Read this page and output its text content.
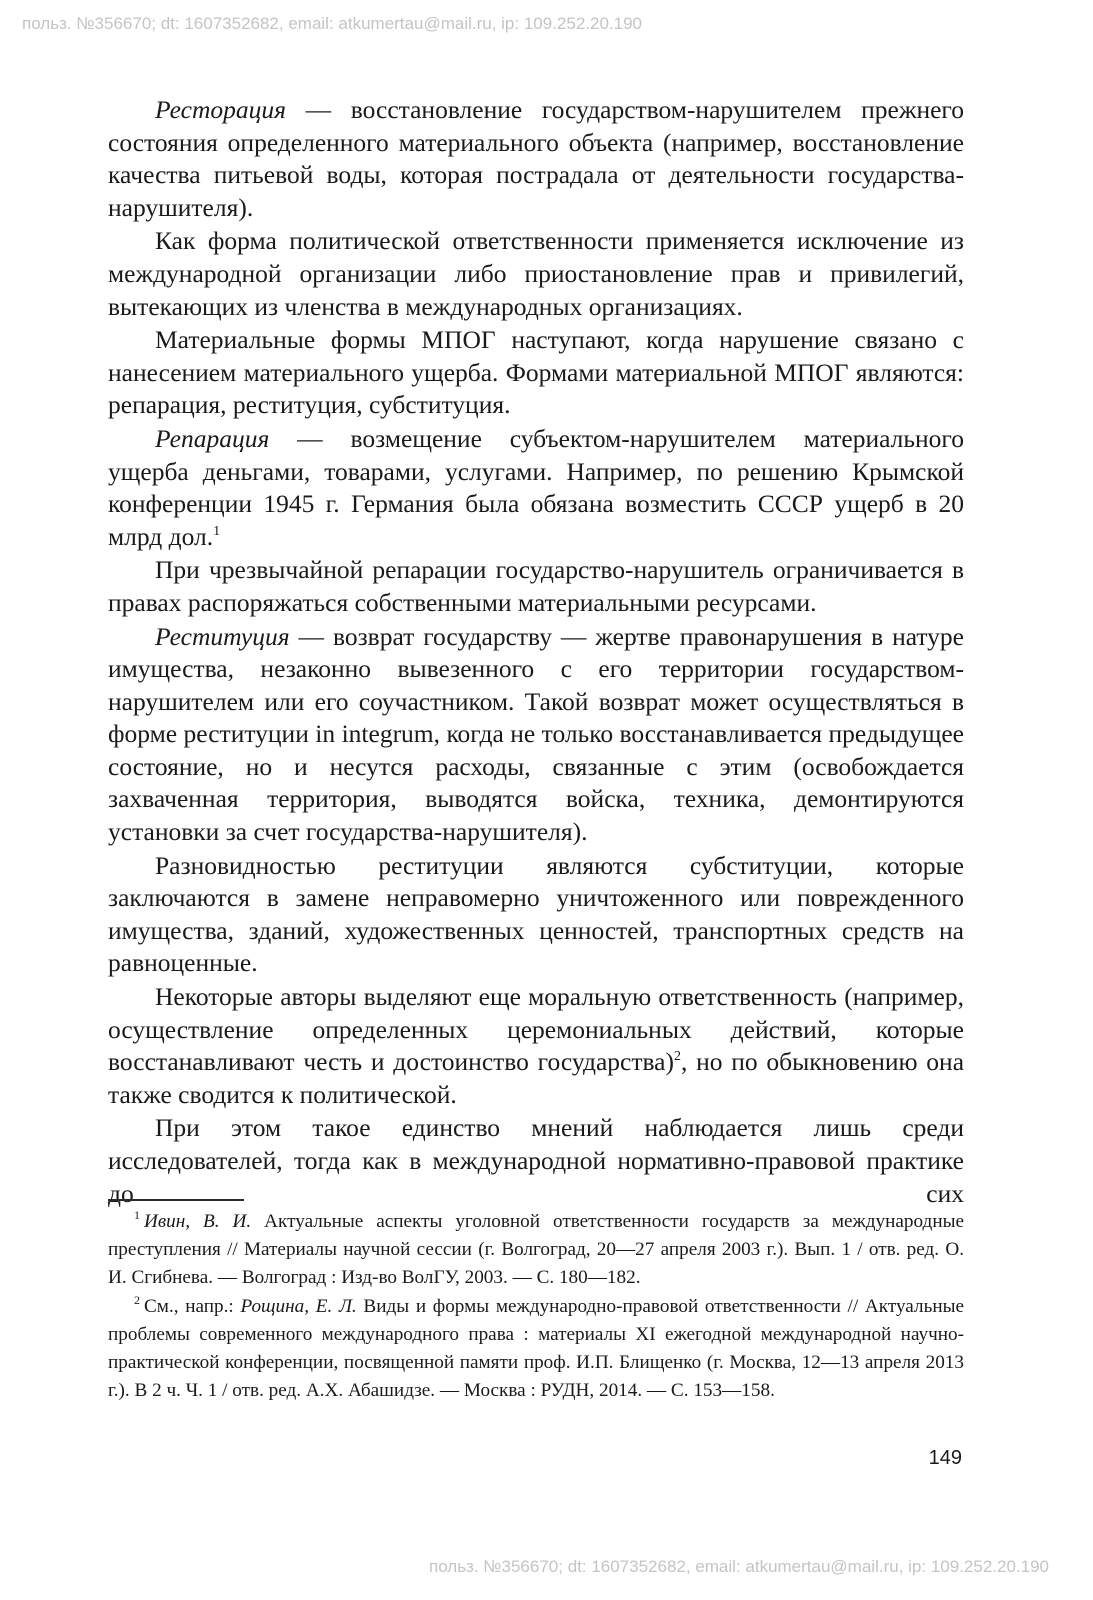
польз. №356670; dt: 1607352682, email: atkumertau@mail.ru, ip: 109.252.20.190

Ресторация — восстановление государством-нарушителем прежнего состояния определенного материального объекта (например, восстановление качества питьевой воды, которая пострадала от деятельности государства-нарушителя).

Как форма политической ответственности применяется исключение из международной организации либо приостановление прав и привилегий, вытекающих из членства в международных организациях.

Материальные формы МПОГ наступают, когда нарушение связано с нанесением материального ущерба. Формами материальной МПОГ являются: репарация, реституция, субституция.

Репарация — возмещение субъектом-нарушителем материального ущерба деньгами, товарами, услугами. Например, по решению Крымской конференции 1945 г. Германия была обязана возместить СССР ущерб в 20 млрд дол.$^1$

При чрезвычайной репарации государство-нарушитель ограничивается в правах распоряжаться собственными материальными ресурсами.

Реституция — возврат государству — жертве правонарушения в натуре имущества, незаконно вывезенного с его территории государством-нарушителем или его соучастником. Такой возврат может осуществляться в форме реституции in integrum, когда не только восстанавливается предыдущее состояние, но и несутся расходы, связанные с этим (освобождается захваченная территория, выводятся войска, техника, демонтируются установки за счет государства-нарушителя).

Разновидностью реституции являются субституции, которые заключаются в замене неправомерно уничтоженного или поврежденного имущества, зданий, художественных ценностей, транспортных средств на равноценные.

Некоторые авторы выделяют еще моральную ответственность (например, осуществление определенных церемониальных действий, которые восстанавливают честь и достоинство государства)$^2$, но по обыкновению она также сводится к политической.

При этом такое единство мнений наблюдается лишь среди исследователей, тогда как в международной нормативно-правовой практике до сих

$^1$ Ивин, В. И. Актуальные аспекты уголовной ответственности государств за международные преступления // Материалы научной сессии (г. Волгоград, 20—27 апреля 2003 г.). Вып. 1 / отв. ред. О. И. Сгибнева. — Волгоград : Изд-во ВолГУ, 2003. — С. 180—182.

$^2$ См., напр.: Рощина, Е. Л. Виды и формы международно-правовой ответственности // Актуальные проблемы современного международного права : материалы XI ежегодной международной научно-практической конференции, посвященной памяти проф. И.П. Блищенко (г. Москва, 12—13 апреля 2013 г.). В 2 ч. Ч. 1 / отв. ред. А.Х. Абашидзе. — Москва : РУДН, 2014. — С. 153—158.

149
польз. №356670; dt: 1607352682, email: atkumertau@mail.ru, ip: 109.252.20.190
